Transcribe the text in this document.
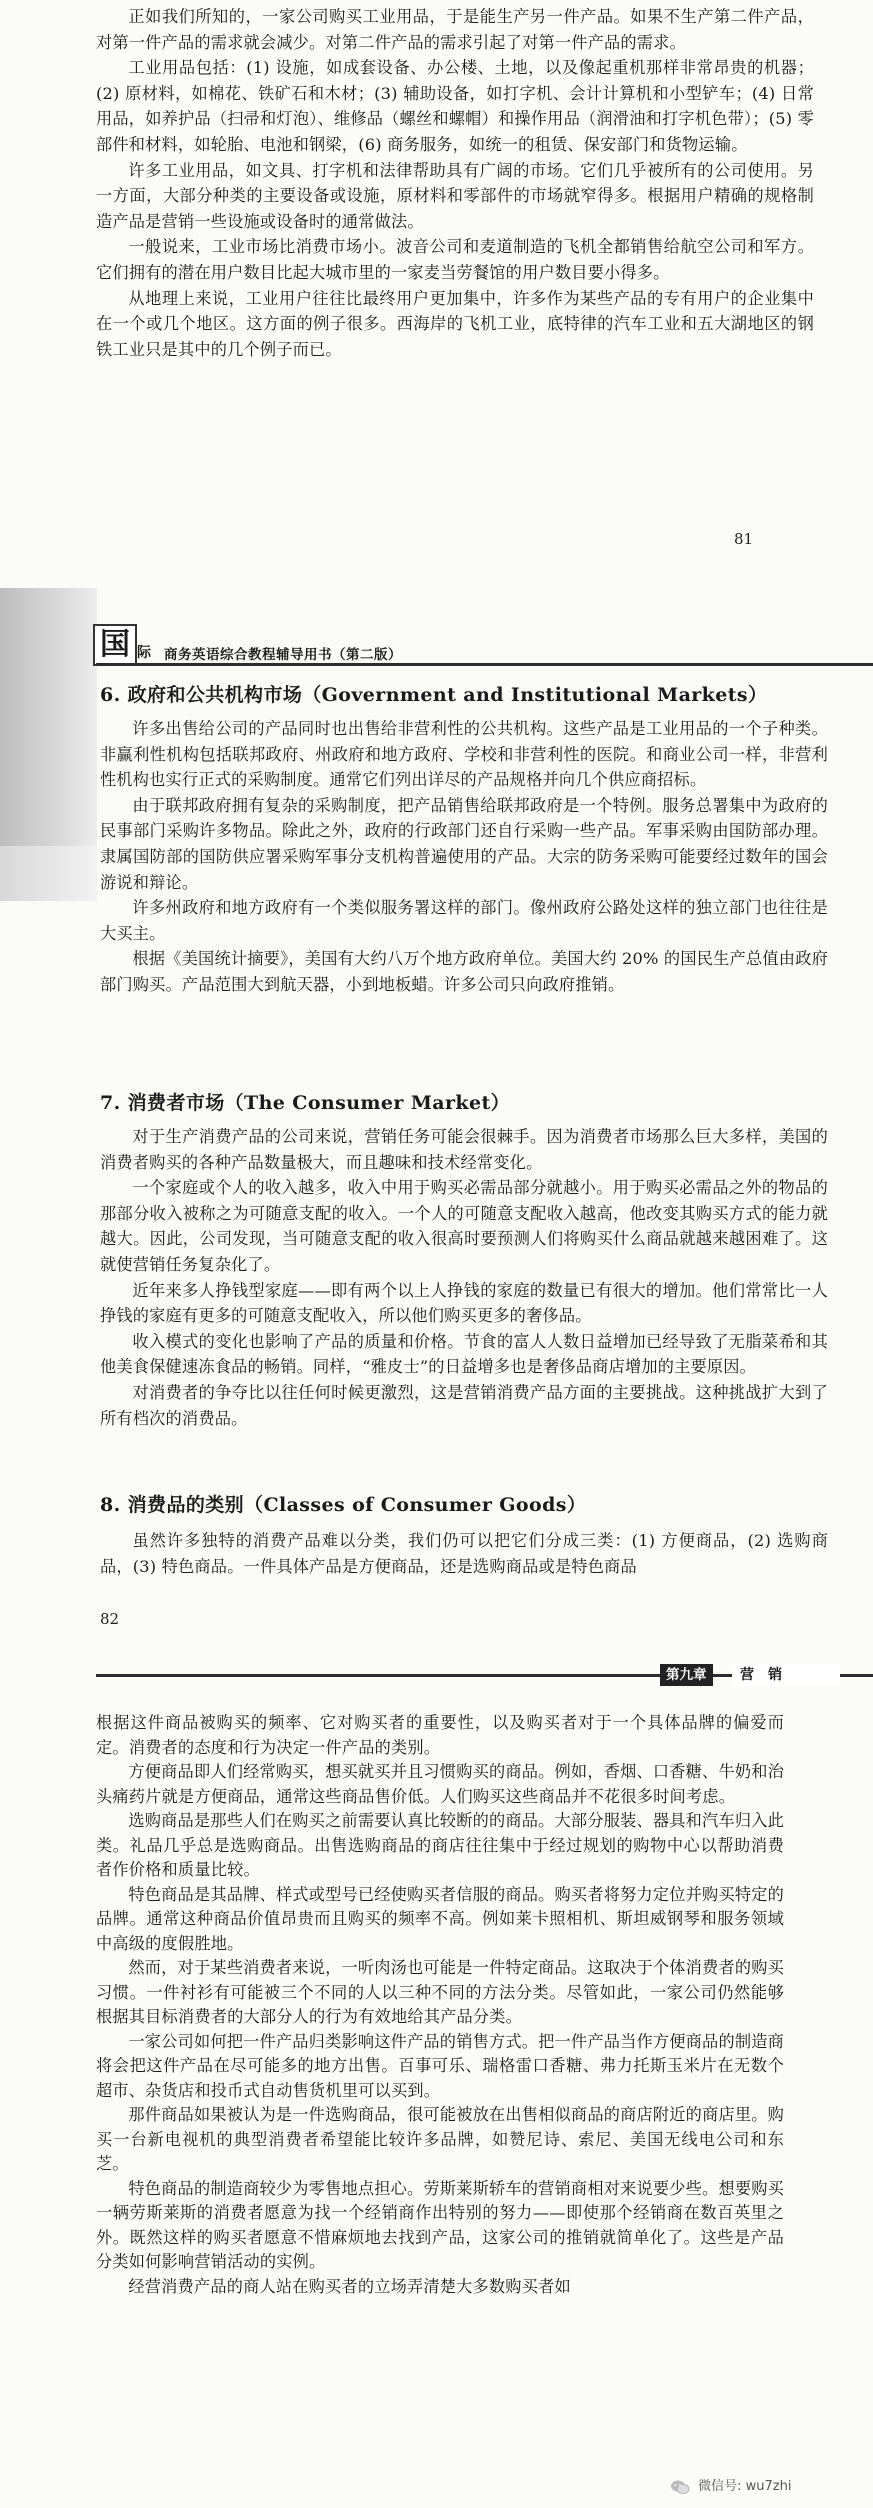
正如我们所知的，一家公司购买工业用品，于是能生产另一件产品。如果不生产第二件产品，对第一件产品的需求就会减少。对第二件产品的需求引起了对第一件产品的需求。

工业用品包括：(1) 设施，如成套设备、办公楼、土地，以及像起重机那样非常昂贵的机器；(2) 原材料，如棉花、铁矿石和木材；(3) 辅助设备，如打字机、会计计算机和小型铲车；(4) 日常用品，如养护品（扫帚和灯泡）、维修品（螺丝和螺帽）和操作用品（润滑油和打字机色带）；(5) 零部件和材料，如轮胎、电池和钢梁，(6) 商务服务，如统一的租赁、保安部门和货物运输。

许多工业用品，如文具、打字机和法律帮助具有广阔的市场。它们几乎被所有的公司使用。另一方面，大部分种类的主要设备或设施，原材料和零部件的市场就窄得多。根据用户精确的规格制造产品是营销一些设施或设备时的通常做法。

一般说来，工业市场比消费市场小。波音公司和麦道制造的飞机全都销售给航空公司和军方。它们拥有的潜在用户数目比起大城市里的一家麦当劳餐馆的用户数目要小得多。

从地理上来说，工业用户往往比最终用户更加集中，许多作为某些产品的专有用户的企业集中在一个或几个地区。这方面的例子很多。西海岸的飞机工业，底特律的汽车工业和五大湖地区的钢铁工业只是其中的几个例子而已。

81
国 际 商务英语综合教程辅导用书（第二版）
6. 政府和公共机构市场（Government and Institutional Markets）

许多出售给公司的产品同时也出售给非营利性的公共机构。这些产品是工业用品的一个子种类。非赢利性机构包括联邦政府、州政府和地方政府、学校和非营利性的医院。和商业公司一样，非营利性机构也实行正式的采购制度。通常它们列出详尽的产品规格并向几个供应商招标。

由于联邦政府拥有复杂的采购制度，把产品销售给联邦政府是一个特例。服务总署集中为政府的民事部门采购许多物品。除此之外，政府的行政部门还自行采购一些产品。军事采购由国防部办理。隶属国防部的国防供应署采购军事分支机构普遍使用的产品。大宗的防务采购可能要经过数年的国会游说和辩论。

许多州政府和地方政府有一个类似服务署这样的部门。像州政府公路处这样的独立部门也往往是大买主。

根据《美国统计摘要》，美国有大约八万个地方政府单位。美国大约 20% 的国民生产总值由政府部门购买。产品范围大到航天器，小到地板蜡。许多公司只向政府推销。

7. 消费者市场（The Consumer Market）

对于生产消费产品的公司来说，营销任务可能会很棘手。因为消费者市场那么巨大多样，美国的消费者购买的各种产品数量极大，而且趣味和技术经常变化。

一个家庭或个人的收入越多，收入中用于购买必需品部分就越小。用于购买必需品之外的物品的那部分收入被称之为可随意支配的收入。一个人的可随意支配收入越高，他改变其购买方式的能力就越大。因此，公司发现，当可随意支配的收入很高时要预测人们将购买什么商品就越来越困难了。这就使营销任务复杂化了。

近年来多人挣钱型家庭——即有两个以上人挣钱的家庭的数量已有很大的增加。他们常常比一人挣钱的家庭有更多的可随意支配收入，所以他们购买更多的奢侈品。

收入模式的变化也影响了产品的质量和价格。节食的富人人数日益增加已经导致了无脂菜希和其他美食保健速冻食品的畅销。同样，“雅皮士”的日益增多也是奢侈品商店增加的主要原因。

对消费者的争夺比以往任何时候更激烈，这是营销消费产品方面的主要挑战。这种挑战扩大到了所有档次的消费品。

8. 消费品的类别（Classes of Consumer Goods）

虽然许多独特的消费产品难以分类，我们仍可以把它们分成三类：(1) 方便商品，(2) 选购商品，(3) 特色商品。一件具体产品是方便商品，还是选购商品或是特色商品

82
第九章	营销

根据这件商品被购买的频率、它对购买者的重要性，以及购买者对于一个具体品牌的偏爱而定。消费者的态度和行为决定一件产品的类别。

方便商品即人们经常购买，想买就买并且习惯购买的商品。例如，香烟、口香糖、牛奶和治头痛药片就是方便商品，通常这些商品售价低。人们购买这些商品并不花很多时间考虑。

选购商品是那些人们在购买之前需要认真比较断的的商品。大部分服装、器具和汽车归入此类。礼品几乎总是选购商品。出售选购商品的商店往往集中于经过规划的购物中心以帮助消费者作价格和质量比较。

特色商品是其品牌、样式或型号已经使购买者信服的商品。购买者将努力定位并购买特定的品牌。通常这种商品价值昂贵而且购买的频率不高。例如莱卡照相机、斯坦威钢琴和服务领域中高级的度假胜地。

然而，对于某些消费者来说，一听肉汤也可能是一件特定商品。这取决于个体消费者的购买习惯。一件衬衫有可能被三个不同的人以三种不同的方法分类。尽管如此，一家公司仍然能够根据其目标消费者的大部分人的行为有效地给其产品分类。

一家公司如何把一件产品归类影响这件产品的销售方式。把一件产品当作方便商品的制造商将会把这件产品在尽可能多的地方出售。百事可乐、瑞格雷口香糖、弗力托斯玉米片在无数个超市、杂货店和投币式自动售货机里可以买到。

那件商品如果被认为是一件选购商品，很可能被放在出售相似商品的商店附近的商店里。购买一台新电视机的典型消费者希望能比较许多品牌，如赞尼诗、索尼、美国无线电公司和东芝。

特色商品的制造商较少为零售地点担心。劳斯莱斯轿车的营销商相对来说要少些。想要购买一辆劳斯莱斯的消费者愿意为找一个经销商作出特别的努力——即使那个经销商在数百英里之外。既然这样的购买者愿意不惜麻烦地去找到产品，这家公司的推销就简单化了。这些是产品分类如何影响营销活动的实例。

经营消费产品的商人站在购买者的立场弄清楚大多数购买者如

微信号: wu7zhi
